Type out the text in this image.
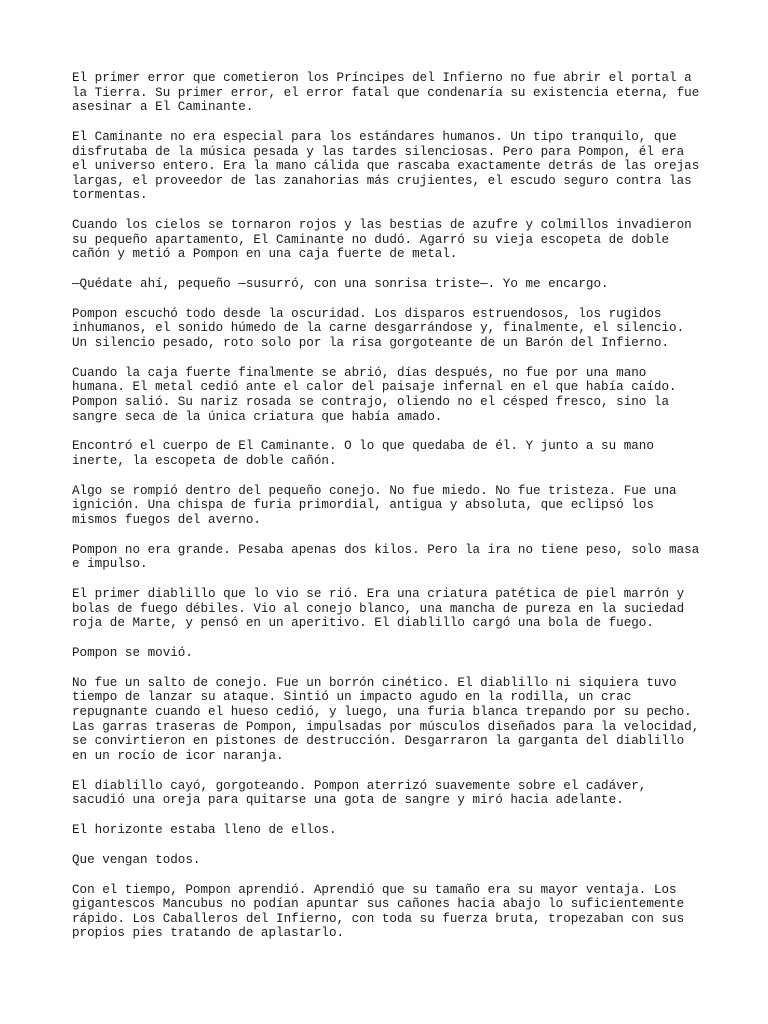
El primer error que cometieron los Príncipes del Infierno no fue abrir el portal a
la Tierra. Su primer error, el error fatal que condenaría su existencia eterna, fue
asesinar a El Caminante.

El Caminante no era especial para los estándares humanos. Un tipo tranquilo, que
disfrutaba de la música pesada y las tardes silenciosas. Pero para Pompon, él era
el universo entero. Era la mano cálida que rascaba exactamente detrás de las orejas
largas, el proveedor de las zanahorias más crujientes, el escudo seguro contra las
tormentas.

Cuando los cielos se tornaron rojos y las bestias de azufre y colmillos invadieron
su pequeño apartamento, El Caminante no dudó. Agarró su vieja escopeta de doble
cañón y metió a Pompon en una caja fuerte de metal.

—Quédate ahí, pequeño —susurró, con una sonrisa triste—. Yo me encargo.

Pompon escuchó todo desde la oscuridad. Los disparos estruendosos, los rugidos
inhumanos, el sonido húmedo de la carne desgarrándose y, finalmente, el silencio.
Un silencio pesado, roto solo por la risa gorgoteante de un Barón del Infierno.

Cuando la caja fuerte finalmente se abrió, días después, no fue por una mano
humana. El metal cedió ante el calor del paisaje infernal en el que había caído.
Pompon salió. Su nariz rosada se contrajo, oliendo no el césped fresco, sino la
sangre seca de la única criatura que había amado.

Encontró el cuerpo de El Caminante. O lo que quedaba de él. Y junto a su mano
inerte, la escopeta de doble cañón.

Algo se rompió dentro del pequeño conejo. No fue miedo. No fue tristeza. Fue una
ignición. Una chispa de furia primordial, antigua y absoluta, que eclipsó los
mismos fuegos del averno.

Pompon no era grande. Pesaba apenas dos kilos. Pero la ira no tiene peso, solo masa
e impulso.

El primer diablillo que lo vio se rió. Era una criatura patética de piel marrón y
bolas de fuego débiles. Vio al conejo blanco, una mancha de pureza en la suciedad
roja de Marte, y pensó en un aperitivo. El diablillo cargó una bola de fuego.

Pompon se movió.

No fue un salto de conejo. Fue un borrón cinético. El diablillo ni siquiera tuvo
tiempo de lanzar su ataque. Sintió un impacto agudo en la rodilla, un crac
repugnante cuando el hueso cedió, y luego, una furia blanca trepando por su pecho.
Las garras traseras de Pompon, impulsadas por músculos diseñados para la velocidad,
se convirtieron en pistones de destrucción. Desgarraron la garganta del diablillo
en un rocío de icor naranja.

El diablillo cayó, gorgoteando. Pompon aterrizó suavemente sobre el cadáver,
sacudió una oreja para quitarse una gota de sangre y miró hacia adelante.

El horizonte estaba lleno de ellos.

Que vengan todos.

Con el tiempo, Pompon aprendió. Aprendió que su tamaño era su mayor ventaja. Los
gigantescos Mancubus no podían apuntar sus cañones hacia abajo lo suficientemente
rápido. Los Caballeros del Infierno, con toda su fuerza bruta, tropezaban con sus
propios pies tratando de aplastarlo.
